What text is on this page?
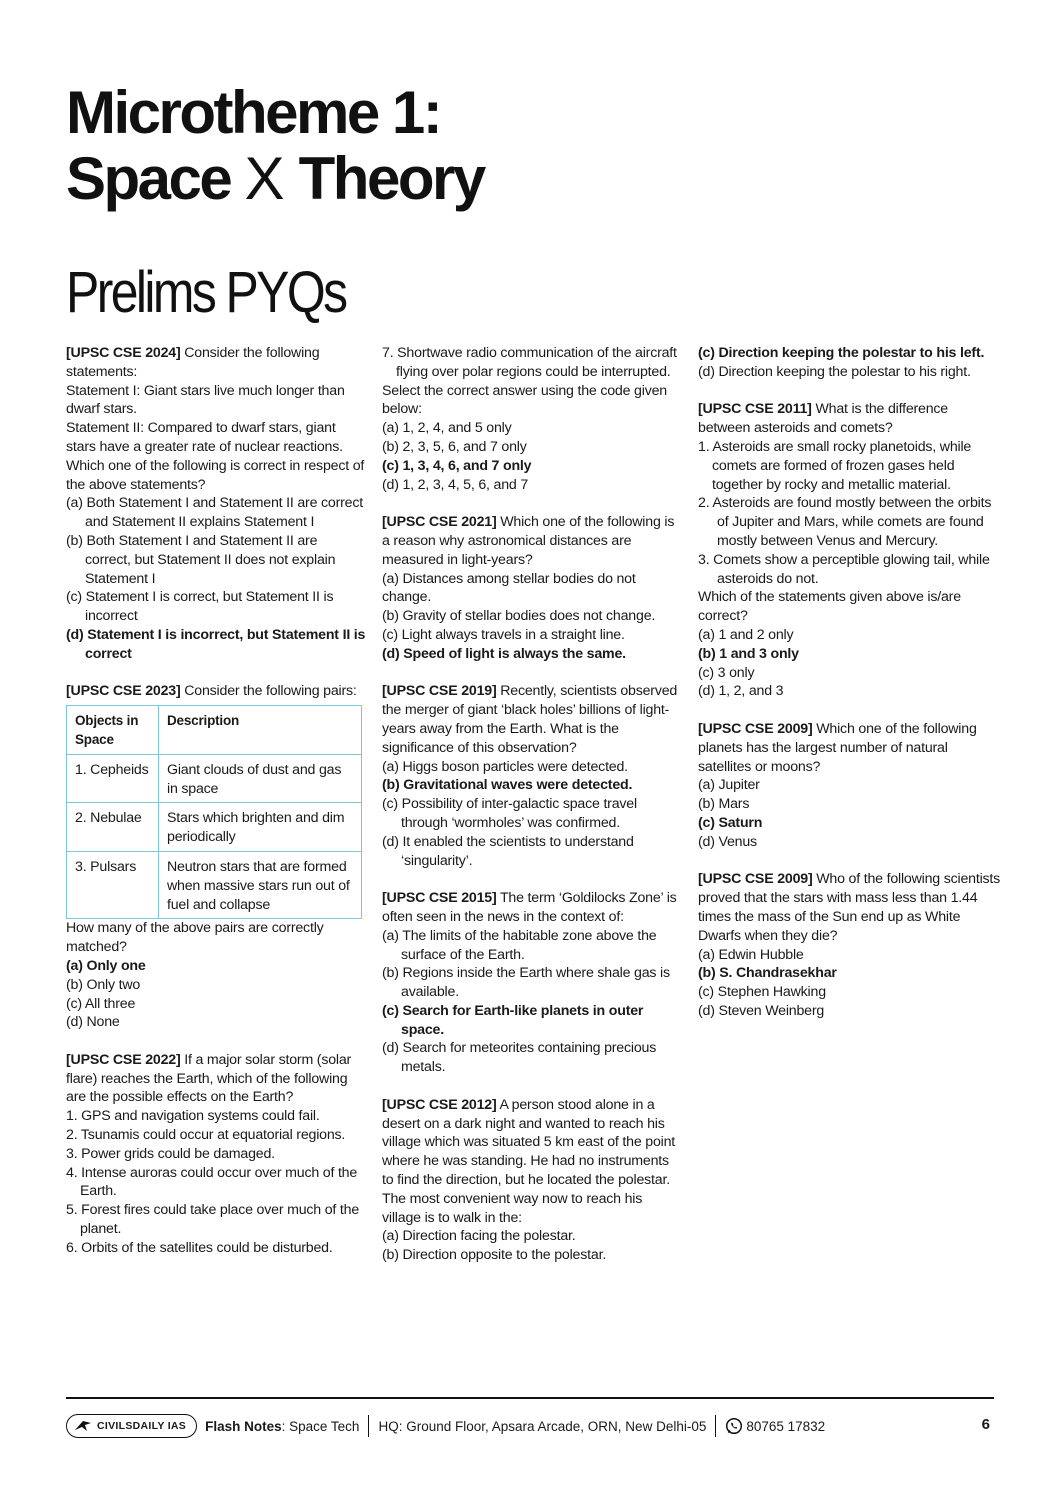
Microtheme 1:
Space X Theory
Prelims PYQs

[UPSC CSE 2024] Consider the following statements:

Statement I: Giant stars live much longer than dwarf stars.

Statement II: Compared to dwarf stars, giant stars have a greater rate of nuclear reactions.

Which one of the following is correct in respect of the above statements?

(a) Both Statement I and Statement II are correct and Statement II explains Statement I

(b) Both Statement I and Statement II are correct, but Statement II does not explain Statement I

(c) Statement I is correct, but Statement II is incorrect

(d) Statement I is incorrect, but Statement II is correct

[UPSC CSE 2023] Consider the following pairs:

Objects in Space	Description
1. Cepheids	Giant clouds of dust and gas in space
2. Nebulae	Stars which brighten and dim periodically
3. Pulsars	Neutron stars that are formed when massive stars run out of fuel and collapse

How many of the above pairs are correctly matched?

(a) Only one

(b) Only two

(c) All three

(d) None

[UPSC CSE 2022] If a major solar storm (solar flare) reaches the Earth, which of the following are the possible effects on the Earth?

1. GPS and navigation systems could fail.

2. Tsunamis could occur at equatorial regions.

3. Power grids could be damaged.

4. Intense auroras could occur over much of the Earth.

5. Forest fires could take place over much of the planet.

6. Orbits of the satellites could be disturbed.

7. Shortwave radio communication of the aircraft flying over polar regions could be interrupted.

Select the correct answer using the code given below:

(a) 1, 2, 4, and 5 only

(b) 2, 3, 5, 6, and 7 only

(c) 1, 3, 4, 6, and 7 only

(d) 1, 2, 3, 4, 5, 6, and 7

[UPSC CSE 2021] Which one of the following is a reason why astronomical distances are measured in light-years?

(a) Distances among stellar bodies do not change.

(b) Gravity of stellar bodies does not change.

(c) Light always travels in a straight line.

(d) Speed of light is always the same.

[UPSC CSE 2019] Recently, scientists observed the merger of giant ‘black holes’ billions of light-years away from the Earth. What is the significance of this observation?

(a) Higgs boson particles were detected.

(b) Gravitational waves were detected.

(c) Possibility of inter-galactic space travel through ‘wormholes’ was confirmed.

(d) It enabled the scientists to understand ‘singularity’.

[UPSC CSE 2015] The term ‘Goldilocks Zone’ is often seen in the news in the context of:

(a) The limits of the habitable zone above the surface of the Earth.

(b) Regions inside the Earth where shale gas is available.

(c) Search for Earth-like planets in outer space.

(d) Search for meteorites containing precious metals.

[UPSC CSE 2012] A person stood alone in a desert on a dark night and wanted to reach his village which was situated 5 km east of the point where he was standing. He had no instruments to find the direction, but he located the polestar. The most convenient way now to reach his village is to walk in the:

(a) Direction facing the polestar.

(b) Direction opposite to the polestar.

(c) Direction keeping the polestar to his left.

(d) Direction keeping the polestar to his right.

[UPSC CSE 2011] What is the difference between asteroids and comets?

1. Asteroids are small rocky planetoids, while comets are formed of frozen gases held together by rocky and metallic material.

2. Asteroids are found mostly between the orbits of Jupiter and Mars, while comets are found mostly between Venus and Mercury.

3. Comets show a perceptible glowing tail, while asteroids do not.

Which of the statements given above is/are correct?

(a) 1 and 2 only

(b) 1 and 3 only

(c) 3 only

(d) 1, 2, and 3

[UPSC CSE 2009] Which one of the following planets has the largest number of natural satellites or moons?

(a) Jupiter

(b) Mars

(c) Saturn

(d) Venus

[UPSC CSE 2009] Who of the following scientists proved that the stars with mass less than 1.44 times the mass of the Sun end up as White Dwarfs when they die?

(a) Edwin Hubble

(b) S. Chandrasekhar

(c) Stephen Hawking

(d) Steven Weinberg

CIVILSDAILY IAS Flash Notes: Space Tech HQ: Ground Floor, Apsara Arcade, ORN, New Delhi-05	80765 17832	6
